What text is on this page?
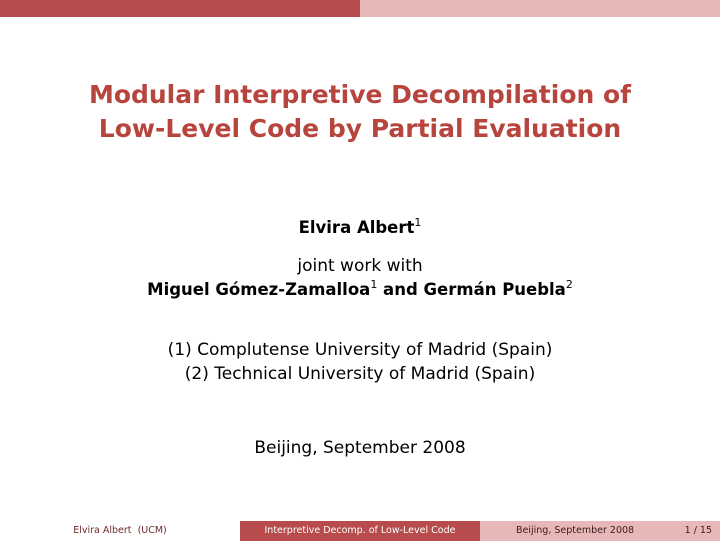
Modular Interpretive Decompilation of
Low-Level Code by Partial Evaluation
Elvira Albert$^1$
joint work with
Miguel Gómez-Zamalloa$^1$ and Germán Puebla$^2$
(1) Complutense University of Madrid (Spain)
(2) Technical University of Madrid (Spain)
Beijing, September 2008
Elvira Albert  (UCM)	Interpretive Decomp. of Low-Level Code	Beijing, September 2008	1 / 15
